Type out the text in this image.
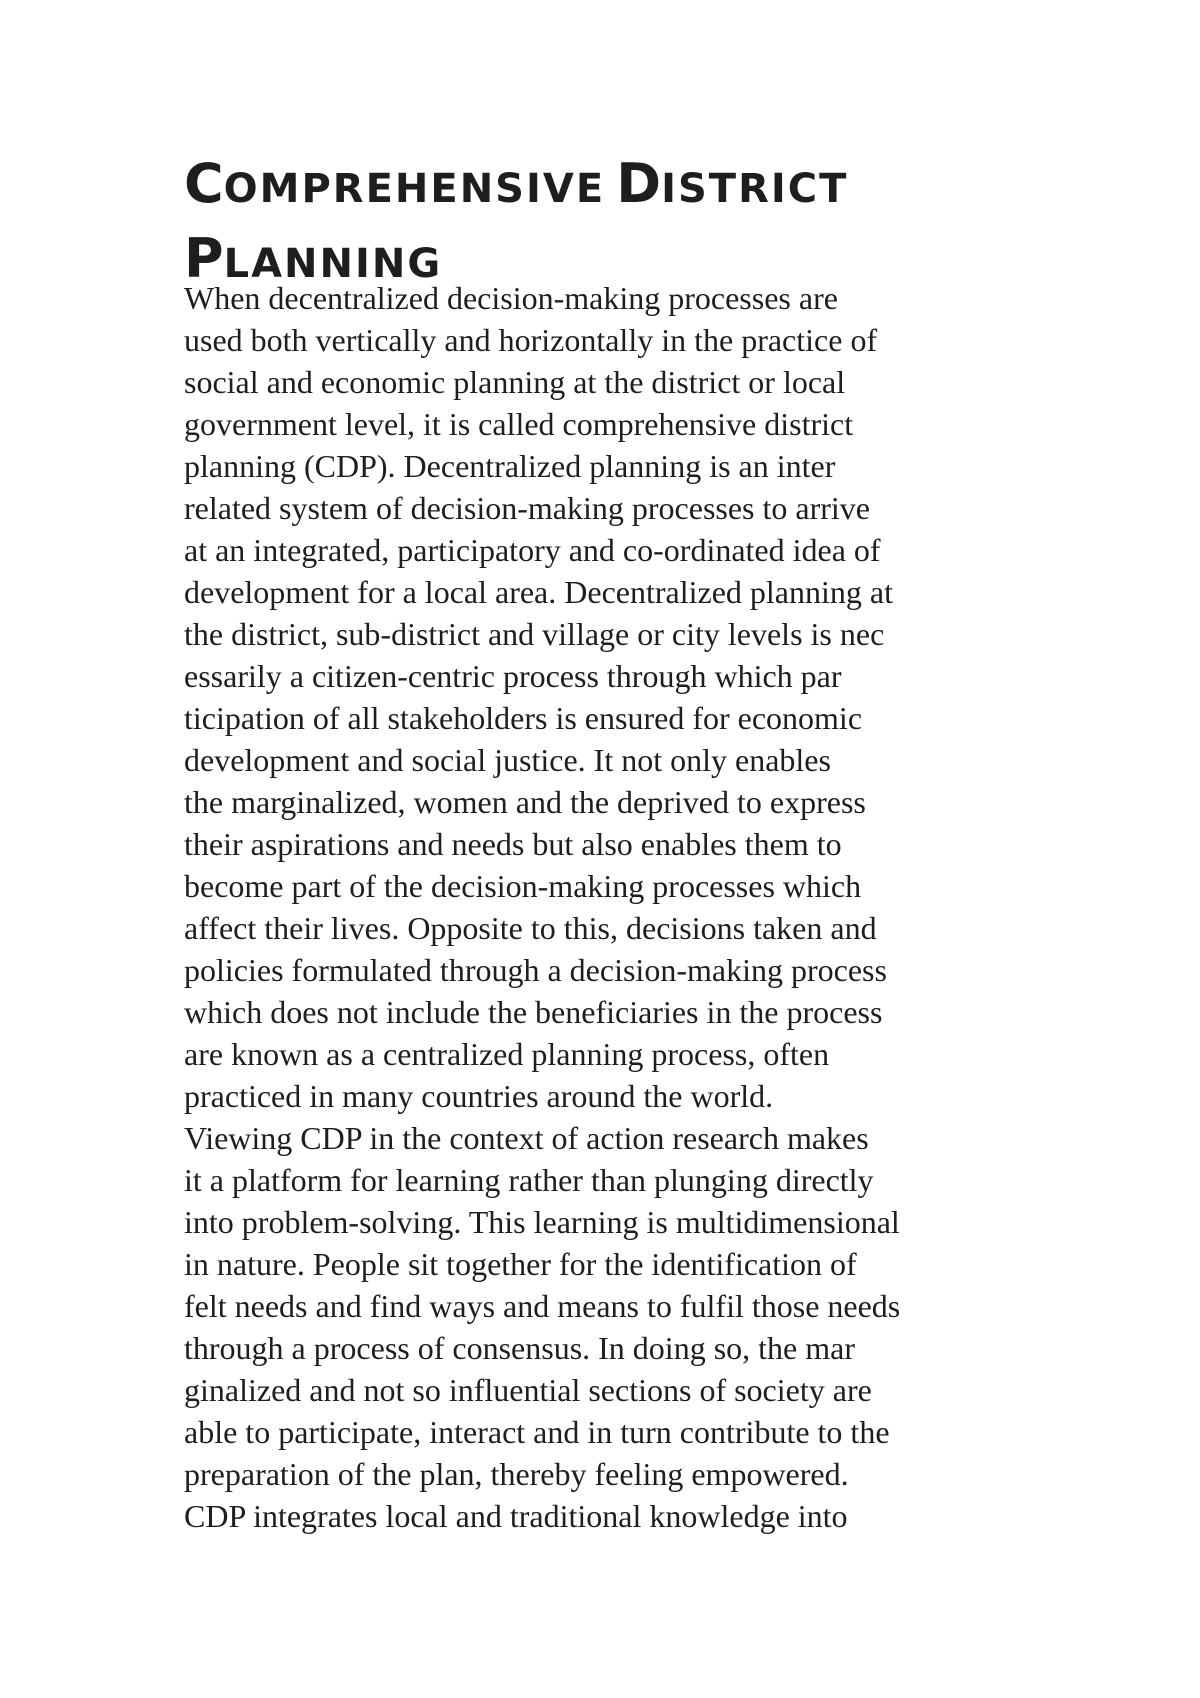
COMPREHENSIVE DISTRICT
PLANNING
When decentralized decision-making processes are
used both vertically and horizontally in the practice of
social and economic planning at the district or local
government level, it is called comprehensive district
planning (CDP). Decentralized planning is an inter
related system of decision-making processes to arrive
at an integrated, participatory and co-ordinated idea of
development for a local area. Decentralized planning at
the district, sub-district and village or city levels is nec
essarily a citizen-centric process through which par
ticipation of all stakeholders is ensured for economic
development and social justice. It not only enables
the marginalized, women and the deprived to express
their aspirations and needs but also enables them to
become part of the decision-making processes which
affect their lives. Opposite to this, decisions taken and
policies formulated through a decision-making process
which does not include the beneficiaries in the process
are known as a centralized planning process, often
practiced in many countries around the world.
Viewing CDP in the context of action research makes
it a platform for learning rather than plunging directly
into problem-solving. This learning is multidimensional
in nature. People sit together for the identification of
felt needs and find ways and means to fulfil those needs
through a process of consensus. In doing so, the mar
ginalized and not so influential sections of society are
able to participate, interact and in turn contribute to the
preparation of the plan, thereby feeling empowered.
CDP integrates local and traditional knowledge into
